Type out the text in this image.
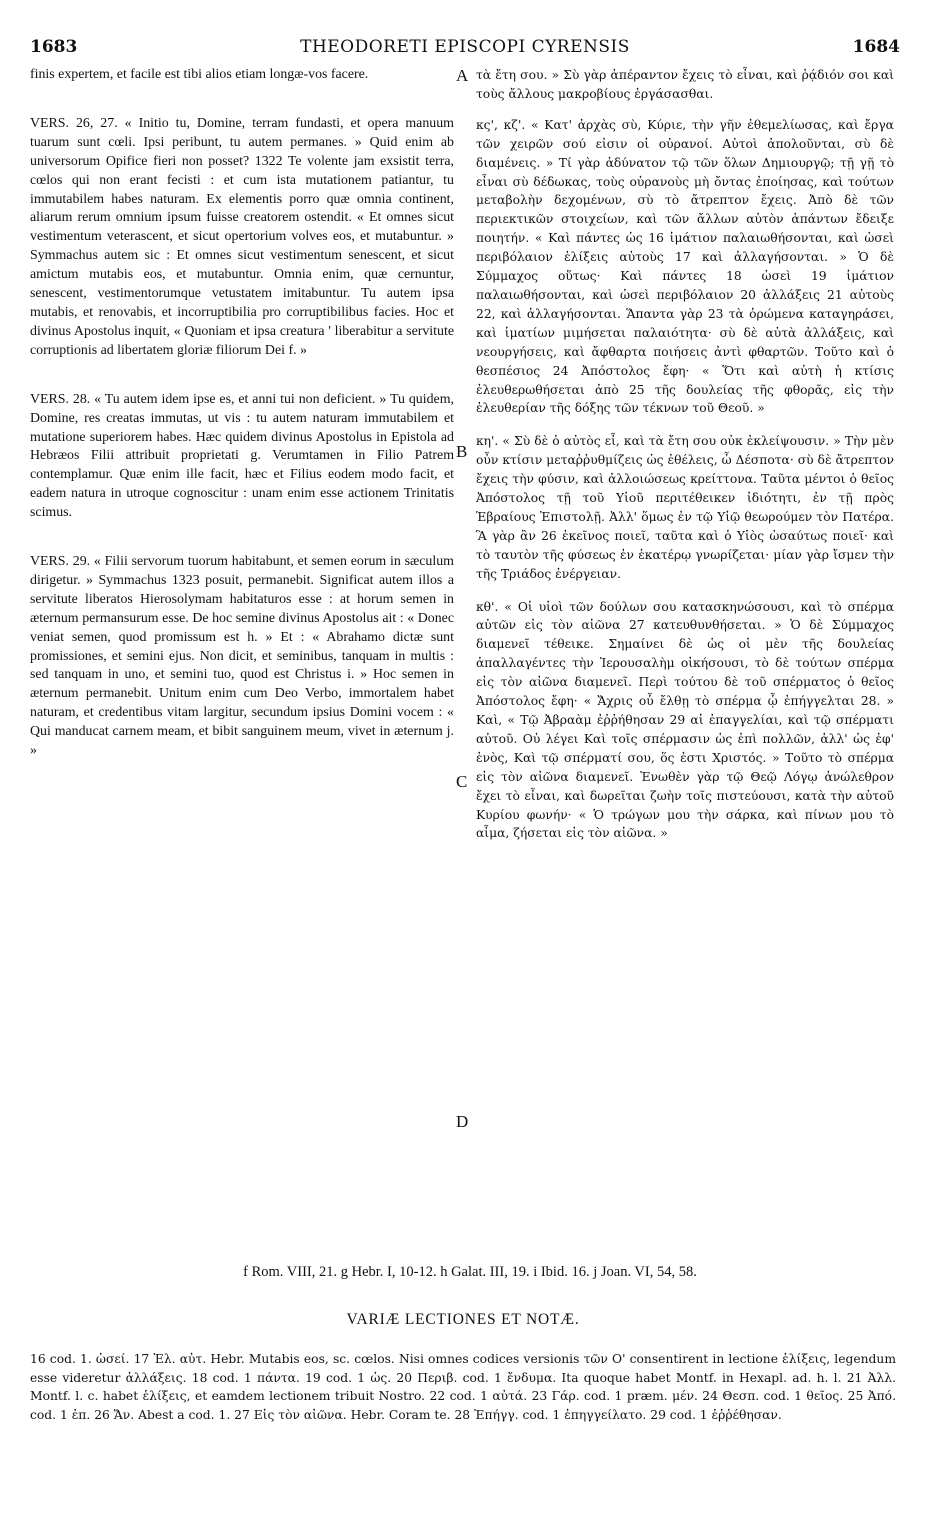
1683	THEODORETI EPISCOPI CYRENSIS	1684

finis expertem, et facile est tibi alios etiam longæ-vos facere.

VERS. 26, 27. « Initio tu, Domine, terram fundasti, et opera manuum tuarum sunt cœli. Ipsi peribunt, tu autem permanes. » Quid enim ab universorum Opifice fieri non posset? 1322 Te volente jam exsistit terra, cœlos qui non erant fecisti : et cum ista mutationem patiantur, tu immutabilem habes naturam. Ex elementis porro quæ omnia continent, aliarum rerum omnium ipsum fuisse creatorem ostendit. « Et omnes sicut vestimentum veterascent, et sicut opertorium volves eos, et mutabuntur. » Symmachus autem sic : Et omnes sicut vestimentum senescent, et sicut amictum mutabis eos, et mutabuntur. Omnia enim, quæ cernuntur, senescent, vestimentorumque vetustatem imitabuntur. Tu autem ipsa mutabis, et renovabis, et incorruptibilia pro corruptibilibus facies. Hoc et divinus Apostolus inquit, « Quoniam et ipsa creatura ' liberabitur a servitute corruptionis ad libertatem gloriæ filiorum Dei f. »

VERS. 28. « Tu autem idem ipse es, et anni tui non deficient. » Tu quidem, Domine, res creatas immutas, ut vis : tu autem naturam immutabilem et mutatione superiorem habes. Hæc quidem divinus Apostolus in Epistola ad Hebræos Filii attribuit proprietati g. Verumtamen in Filio Patrem contemplamur. Quæ enim ille facit, hæc et Filius eodem modo facit, et eadem natura in utroque cognoscitur : unam enim esse actionem Trinitatis scimus.

VERS. 29. « Filii servorum tuorum habitabunt, et semen eorum in sæculum dirigetur. » Symmachus 1323 posuit, permanebit. Significat autem illos a servitute liberatos Hierosolymam habitaturos esse : at horum semen in æternum permansurum esse. De hoc semine divinus Apostolus ait : « Donec veniat semen, quod promissum est h. » Et : « Abrahamo dictæ sunt promissiones, et semini ejus. Non dicit, et seminibus, tanquam in multis : sed tanquam in uno, et semini tuo, quod est Christus i. » Hoc semen in æternum permanebit. Unitum enim cum Deo Verbo, immortalem habet naturam, et credentibus vitam largitur, secundum ipsius Domini vocem : « Qui manducat carnem meam, et bibit sanguinem meum, vivet in æternum j. »

A
B
C
D

τὰ ἔτη σου. » Σὺ γὰρ ἀπέραντον ἔχεις τὸ εἶναι, καὶ ῥᾴδιόν σοι καὶ τοὺς ἄλλους μακροβίους ἐργάσασθαι.

κς', κζ'. « Κατ' ἀρχὰς σὺ, Κύριε, τὴν γῆν ἐθεμελίωσας, καὶ ἔργα τῶν χειρῶν σού εἰσιν οἱ οὐρανοί. Αὐτοὶ ἀπολοῦνται, σὺ δὲ διαμένεις. » Τί γὰρ ἀδύνατον τῷ τῶν ὅλων Δημιουργῷ; τῇ γῇ τὸ εἶναι σὺ δέδωκας, τοὺς οὐρανοὺς μὴ ὄντας ἐποίησας, καὶ τούτων μεταβολὴν δεχομένων, σὺ τὸ ἄτρεπτον ἔχεις. Ἀπὸ δὲ τῶν περιεκτικῶν στοιχείων, καὶ τῶν ἄλλων αὐτὸν ἁπάντων ἔδειξε ποιητήν. « Καὶ πάντες ὡς 16 ἱμάτιον παλαιωθήσονται, καὶ ὡσεὶ περιβόλαιον ἑλίξεις αὐτοὺς 17 καὶ ἀλλαγήσονται. » Ὁ δὲ Σύμμαχος οὕτως· Καὶ πάντες 18 ὡσεὶ 19 ἱμάτιον παλαιωθήσονται, καὶ ὡσεὶ περιβόλαιον 20 ἀλλάξεις 21 αὐτοὺς 22, καὶ ἀλλαγήσονται. Ἅπαντα γὰρ 23 τὰ ὁρώμενα καταγηράσει, καὶ ἱματίων μιμήσεται παλαιότητα· σὺ δὲ αὐτὰ ἀλλάξεις, καὶ νεουργήσεις, καὶ ἄφθαρτα ποιήσεις ἀντὶ φθαρτῶν. Τοῦτο καὶ ὁ θεσπέσιος 24 Ἀπόστολος ἔφη· « Ὅτι καὶ αὐτὴ ἡ κτίσις ἐλευθερωθήσεται ἀπὸ 25 τῆς δουλείας τῆς φθορᾶς, εἰς τὴν ἐλευθερίαν τῆς δόξης τῶν τέκνων τοῦ Θεοῦ. »

κη'. « Σὺ δὲ ὁ αὐτὸς εἶ, καὶ τὰ ἔτη σου οὐκ ἐκλείψουσιν. » Τὴν μὲν οὖν κτίσιν μεταῤῥυθμίζεις ὡς ἐθέλεις, ὦ Δέσποτα· σὺ δὲ ἄτρεπτον ἔχεις τὴν φύσιν, καὶ ἀλλοιώσεως κρείττονα. Ταῦτα μέντοι ὁ θεῖος Ἀπόστολος τῇ τοῦ Υἱοῦ περιτέθεικεν ἰδιότητι, ἐν τῇ πρὸς Ἑβραίους Ἐπιστολῇ. Ἀλλ' ὅμως ἐν τῷ Υἱῷ θεωρούμεν τὸν Πατέρα. Ἃ γὰρ ἂν 26 ἐκεῖνος ποιεῖ, ταῦτα καὶ ὁ Υἱὸς ὡσαύτως ποιεῖ· καὶ τὸ ταυτὸν τῆς φύσεως ἐν ἑκατέρῳ γνωρίζεται· μίαν γὰρ ἴσμεν τὴν τῆς Τριάδος ἐνέργειαν.

κθ'. « Οἱ υἱοὶ τῶν δούλων σου κατασκηνώσουσι, καὶ τὸ σπέρμα αὐτῶν εἰς τὸν αἰῶνα 27 κατευθυνθήσεται. » Ὁ δὲ Σύμμαχος διαμενεῖ τέθεικε. Σημαίνει δὲ ὡς οἱ μὲν τῆς δουλείας ἀπαλλαγέντες τὴν Ἱερουσαλὴμ οἰκήσουσι, τὸ δὲ τούτων σπέρμα εἰς τὸν αἰῶνα διαμενεῖ. Περὶ τούτου δὲ τοῦ σπέρματος ὁ θεῖος Ἀπόστολος ἔφη· « Ἄχρις οὗ ἔλθῃ τὸ σπέρμα ᾧ ἐπήγγελται 28. » Καὶ, « Τῷ Ἀβραὰμ ἐῤῥήθησαν 29 αἱ ἐπαγγελίαι, καὶ τῷ σπέρματι αὐτοῦ. Οὐ λέγει Καὶ τοῖς σπέρμασιν ὡς ἐπὶ πολλῶν, ἀλλ' ὡς ἐφ' ἑνὸς, Καὶ τῷ σπέρματί σου, ὅς ἐστι Χριστός. » Τοῦτο τὸ σπέρμα εἰς τὸν αἰῶνα διαμενεῖ. Ἑνωθὲν γὰρ τῷ Θεῷ Λόγῳ ἀνώλεθρον ἔχει τὸ εἶναι, καὶ δωρεῖται ζωὴν τοῖς πιστεύουσι, κατὰ τὴν αὐτοῦ Κυρίου φωνήν· « Ὁ τρώγων μου τὴν σάρκα, καὶ πίνων μου τὸ αἷμα, ζήσεται εἰς τὸν αἰῶνα. »

f Rom. VIII, 21. g Hebr. I, 10-12. h Galat. III, 19. i Ibid. 16. j Joan. VI, 54, 58.
VARIÆ LECTIONES ET NOTÆ.
16 cod. 1. ὡσεί. 17 Ἐλ. αὐτ. Hebr. Mutabis eos, sc. cœlos. Nisi omnes codices versionis τῶν Ο' consentirent in lectione ἑλίξεις, legendum esse videretur ἀλλάξεις. 18 cod. 1 πάντα. 19 cod. 1 ὡς. 20 Περιβ. cod. 1 ἔνδυμα. Ita quoque habet Montf. in Hexapl. ad. h. l. 21 Ἀλλ. Montf. l. c. habet ἑλίξεις, et eamdem lectionem tribuit Nostro. 22 cod. 1 αὐτά. 23 Γάρ. cod. 1 præm. μέν. 24 Θεσπ. cod. 1 θεῖος. 25 Ἀπό. cod. 1 ἐπ. 26 Ἄν. Abest a cod. 1. 27 Εἰς τὸν αἰῶνα. Hebr. Coram te. 28 Ἐπήγγ. cod. 1 ἐπηγγείλατο. 29 cod. 1 ἐῤῥέθησαν.
